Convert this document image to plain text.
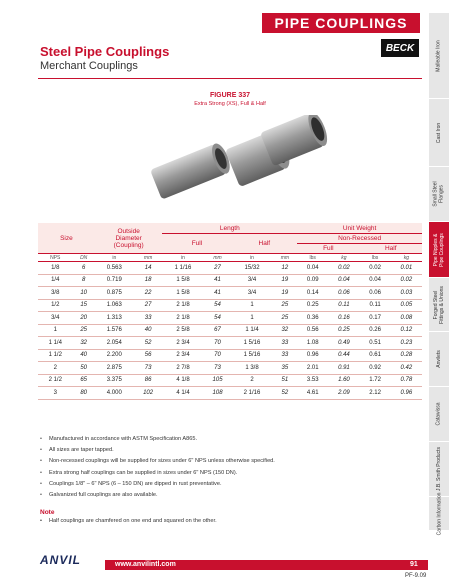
PIPE COUPLINGS
Steel Pipe Couplings
Merchant Couplings
BECK
FIGURE 337
Extra Strong (XS), Full & Half
Malleable Iron
Cast Iron
Small Steel
Flanges
Pipe Nipples &
Pipe Couplings
Forged Steel
Fittings & Unions
Anvilets
Catawissa
J.B. Smith Products
Carbon Information
Size		Outside
Diameter
(Coupling)		Length				Unit Weight			
				Full		Half		Non-Recessed			
								Full		Half	
NPS	DN	in	mm	in	mm	in	mm	lbs	kg	lbs	kg
1/8	6	0.563	14	1 1/16	27	15/32	12	0.04	0.02	0.02	0.01
1/4	8	0.719	18	1 5/8	41	3/4	19	0.09	0.04	0.04	0.02
3/8	10	0.875	22	1 5/8	41	3/4	19	0.14	0.06	0.06	0.03
1/2	15	1.063	27	2 1/8	54	1	25	0.25	0.11	0.11	0.05
3/4	20	1.313	33	2 1/8	54	1	25	0.36	0.16	0.17	0.08
1	25	1.576	40	2 5/8	67	1 1/4	32	0.56	0.25	0.26	0.12
1 1/4	32	2.054	52	2 3/4	70	1 5/16	33	1.08	0.49	0.51	0.23
1 1/2	40	2.200	56	2 3/4	70	1 5/16	33	0.96	0.44	0.61	0.28
2	50	2.875	73	2 7/8	73	1 3/8	35	2.01	0.91	0.92	0.42
2 1/2	65	3.375	86	4 1/8	105	2	51	3.53	1.60	1.72	0.78
3	80	4.000	102	4 1/4	108	2 1/16	52	4.61	2.09	2.12	0.96
• Manufactured in accordance with ASTM Specification A865.
• All sizes are taper tapped.
• Non-recessed couplings will be supplied for sizes under 6" NPS unless otherwise specified.
• Extra strong half couplings can be supplied in sizes under 6" NPS (150 DN).
• Couplings 1/8" – 6" NPS (6 – 150 DN) are dipped in rust preventative.
• Galvanized full couplings are also available.
Note
• Half couplings are chamfered on one end and squared on the other.
ANVIL	www.anvilintl.com	91
PF-9.09
